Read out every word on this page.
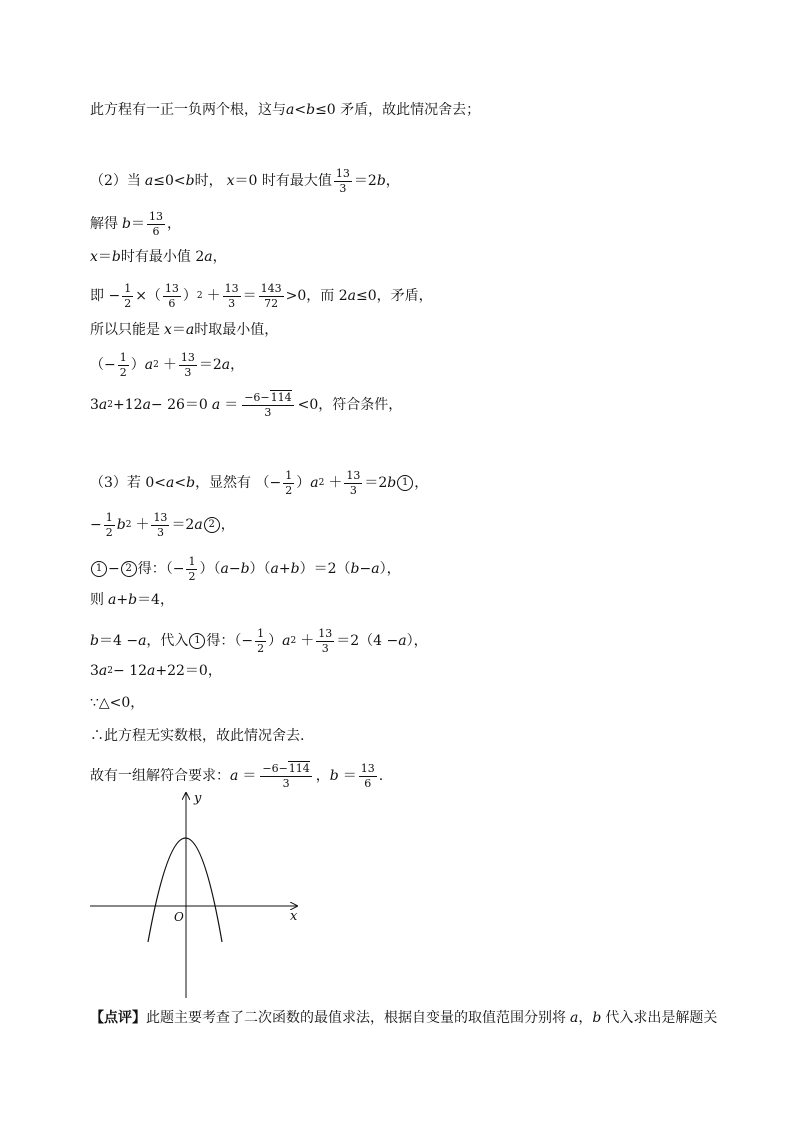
此方程有一正一负两个根，这与 a < b ≤0 矛盾，故此情况舍去；
（2）当 a ≤0< b 时， x ＝0 时有最大值 $\frac{13}{3} =2$ b ，
解得 $b = \frac{13}{6}$ ，
x ＝ b 时有最小值 2 a ，
即 − $\frac{1}{2}$ ×（ $\frac{13}{6}$ ） $2 + \frac{13}{3} = \frac{143}{72} >0$，而 2 a ≤0，矛盾，
所以只能是 x ＝ a 时取最小值，
（− $\frac{1}{2}$ ） a $2 + \frac{13}{3} =2$ a ，
3 a 2 +12 a − 26＝0 $a = \frac{-6-114}{3} <0$，符合条件，
（3）若 0< a < b ，显然有 （− $\frac{1}{2}$ ） a $2 + \frac{13}{3} =2$ b 1 ，
− $\frac{1}{2}$ b $2 + \frac{13}{3} =2$ a 2 ，
1 − 2 得：（− $\frac{1}{2}$ ）（ a − b ）（ a + b ）＝2（ b − a ），
则 a + b ＝4，
b ＝4 − a ，代入 1 得：（− $\frac{1}{2}$ ） a $2 + \frac{13}{3} =2(4 - a$ ），
3 a 2 − 12 a +22＝0，
∵△<0，
∴此方程无实数根，故此情况舍去.
故有一组解符合要求： $a = \frac{-6-114}{3}$ ， $b = \frac{13}{6}$ .
y
x
O
【点评】此题主要考查了二次函数的最值求法，根据自变量的取值范围分别将 a，b 代入求出是解题关
